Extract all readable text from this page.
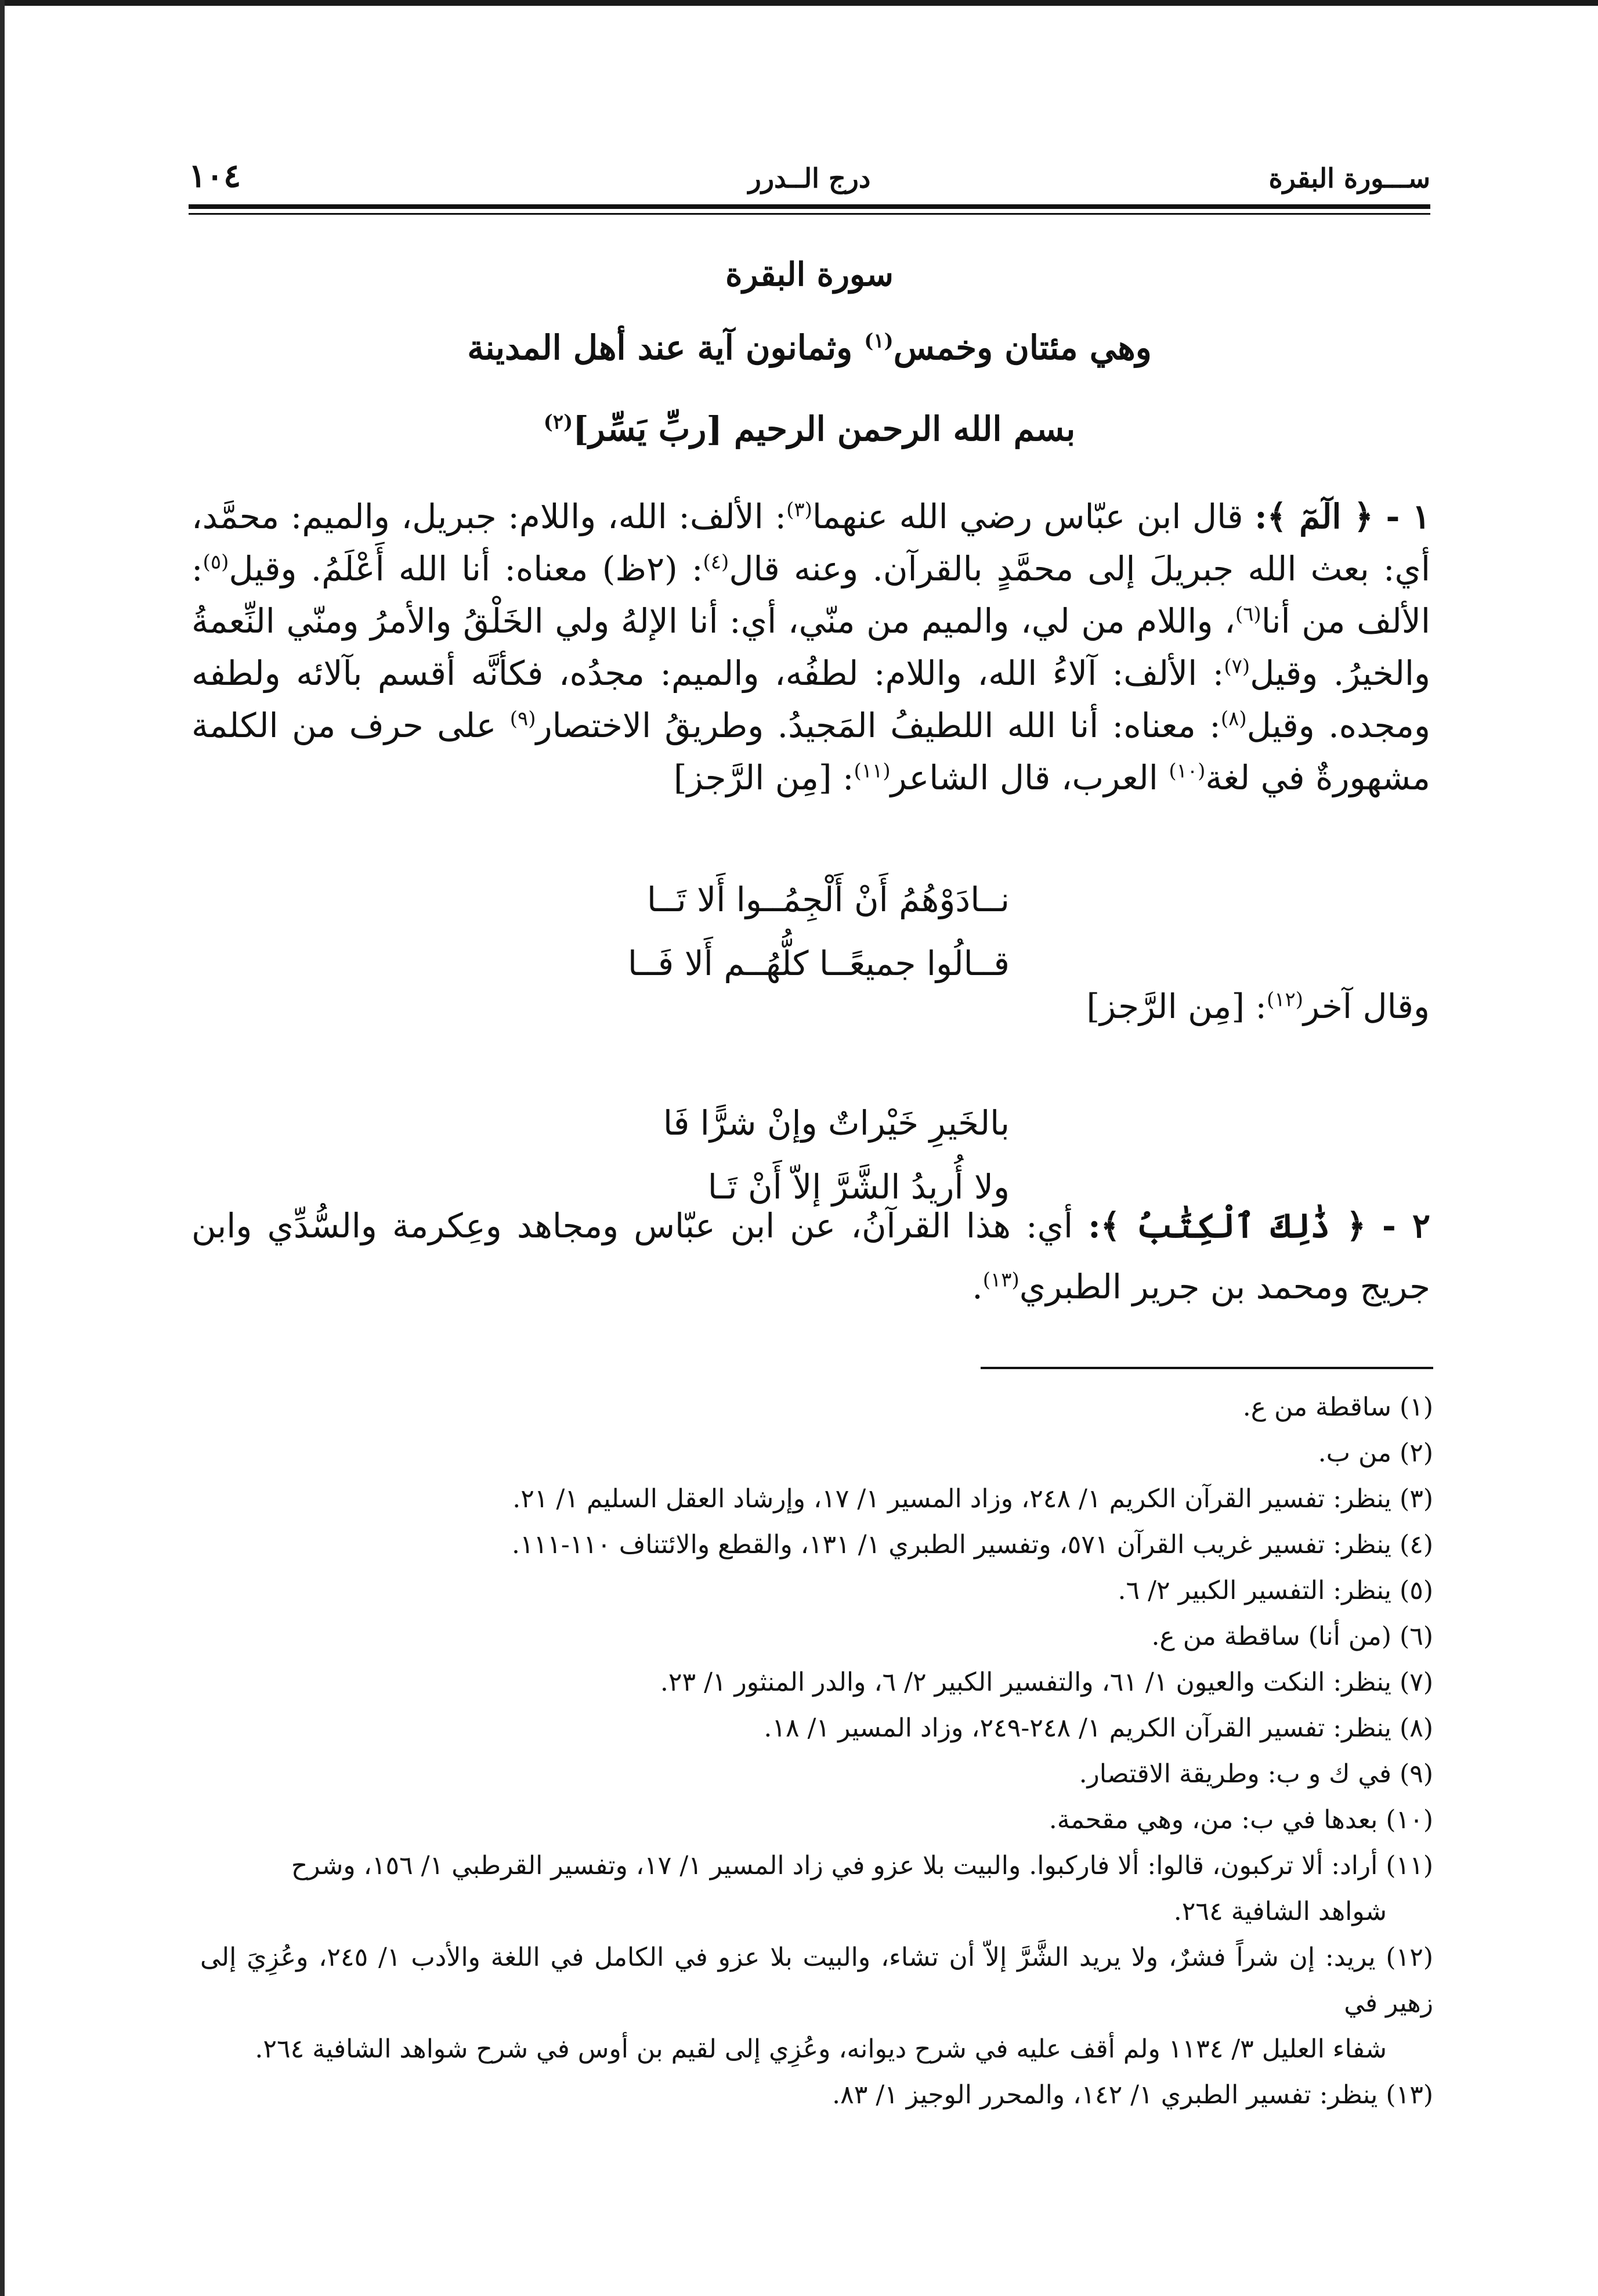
١٠٤	درج الــدرر	ســـورة البقرة
سورة البقرة
وهي مئتان وخمس$^{(١)}$ وثمانون آية عند أهل المدينة
بسم الله الرحمن الرحيم [ربِّ يَسِّر]$^{(٢)}$

١ - ﴿ الٓمٓ ﴾: قال ابن عبّاس رضي الله عنهما$^{(٣)}$: الألف: الله، واللام: جبريل، والميم: محمَّد، أي: بعث الله جبريلَ إلى محمَّدٍ بالقرآن. وعنه قال$^{(٤)}$: (٢ظ) معناه: أنا الله أَعْلَمُ. وقيل$^{(٥)}$: الألف من أنا$^{(٦)}$، واللام من لي، والميم من منّي، أي: أنا الإلهُ ولي الخَلْقُ والأمرُ ومنّي النِّعمةُ والخيرُ. وقيل$^{(٧)}$: الألف: آلاءُ الله، واللام: لطفُه، والميم: مجدُه، فكأنَّه أقسم بآلائه ولطفه ومجده. وقيل$^{(٨)}$: معناه: أنا الله اللطيفُ المَجيدُ. وطريقُ الاختصار$^{(٩)}$ على حرف من الكلمة مشهورةٌ في لغة$^{(١٠)}$ العرب، قال الشاعر$^{(١١)}$: [مِن الرَّجز]

نــادَوْهُمُ أَنْ أَلْجِمُــوا أَلا تَــا
قــالُوا جميعًــا كلُّهُــم أَلا فَــا
وقال آخر$^{(١٢)}$: [مِن الرَّجز]
بالخَيرِ خَيْراتٌ وإنْ شرًّا فَا
ولا أُريدُ الشَّرَّ إلاّ أَنْ تَـا

٢ - ﴿ ذَٰلِكَ ٱلْكِتَٰبُ ﴾: أي: هذا القرآنُ، عن ابن عبّاس ومجاهد وعِكرمة والسُّدِّي وابن جريج ومحمد بن جرير الطبري$^{(١٣)}$.

(١) ساقطة من ع.

(٢) من ب.

(٣) ينظر: تفسير القرآن الكريم ١/ ٢٤٨، وزاد المسير ١/ ١٧، وإرشاد العقل السليم ١/ ٢١.

(٤) ينظر: تفسير غريب القرآن ٥٧١، وتفسير الطبري ١/ ١٣١، والقطع والائتناف ١١٠-١١١.

(٥) ينظر: التفسير الكبير ٢/ ٦.

(٦) (من أنا) ساقطة من ع.

(٧) ينظر: النكت والعيون ١/ ٦١، والتفسير الكبير ٢/ ٦، والدر المنثور ١/ ٢٣.

(٨) ينظر: تفسير القرآن الكريم ١/ ٢٤٨-٢٤٩، وزاد المسير ١/ ١٨.

(٩) في ك و ب: وطريقة الاقتصار.

(١٠) بعدها في ب: من، وهي مقحمة.

(١١) أراد: ألا تركبون، قالوا: ألا فاركبوا. والبيت بلا عزو في زاد المسير ١/ ١٧، وتفسير القرطبي ١/ ١٥٦، وشرح

شواهد الشافية ٢٦٤.

(١٢) يريد: إن شراً فشرٌ، ولا يريد الشَّرَّ إلاّ أن تشاء، والبيت بلا عزو في الكامل في اللغة والأدب ١/ ٢٤٥، وعُزِيَ إلى زهير في

شفاء العليل ٣/ ١١٣٤ ولم أقف عليه في شرح ديوانه، وعُزِي إلى لقيم بن أوس في شرح شواهد الشافية ٢٦٤.

(١٣) ينظر: تفسير الطبري ١/ ١٤٢، والمحرر الوجيز ١/ ٨٣.
